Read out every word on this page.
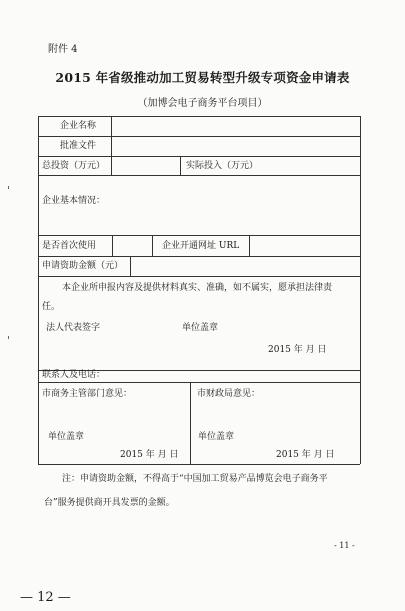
附件 4
2015 年省级推动加工贸易转型升级专项资金申请表
（加博会电子商务平台项目）
企业名称
批准文件
总投资（万元）	实际投入（万元）
企业基本情况：
是否首次使用	企业开通网址 URL
申请资助金额（元）
本企业所申报内容及提供材料真实、准确，如不属实，愿承担法律责
任。
法人代表签字	单位盖章
2015 年 月 日
联系人及电话：
市商务主管部门意见：	市财政局意见：
单位盖章	单位盖章
2015 年 月 日	2015 年 月 日
注：申请资助金额，不得高于“中国加工贸易产品博览会电子商务平
台”服务提供商开具发票的金额。
- 11 -
— 12 —
